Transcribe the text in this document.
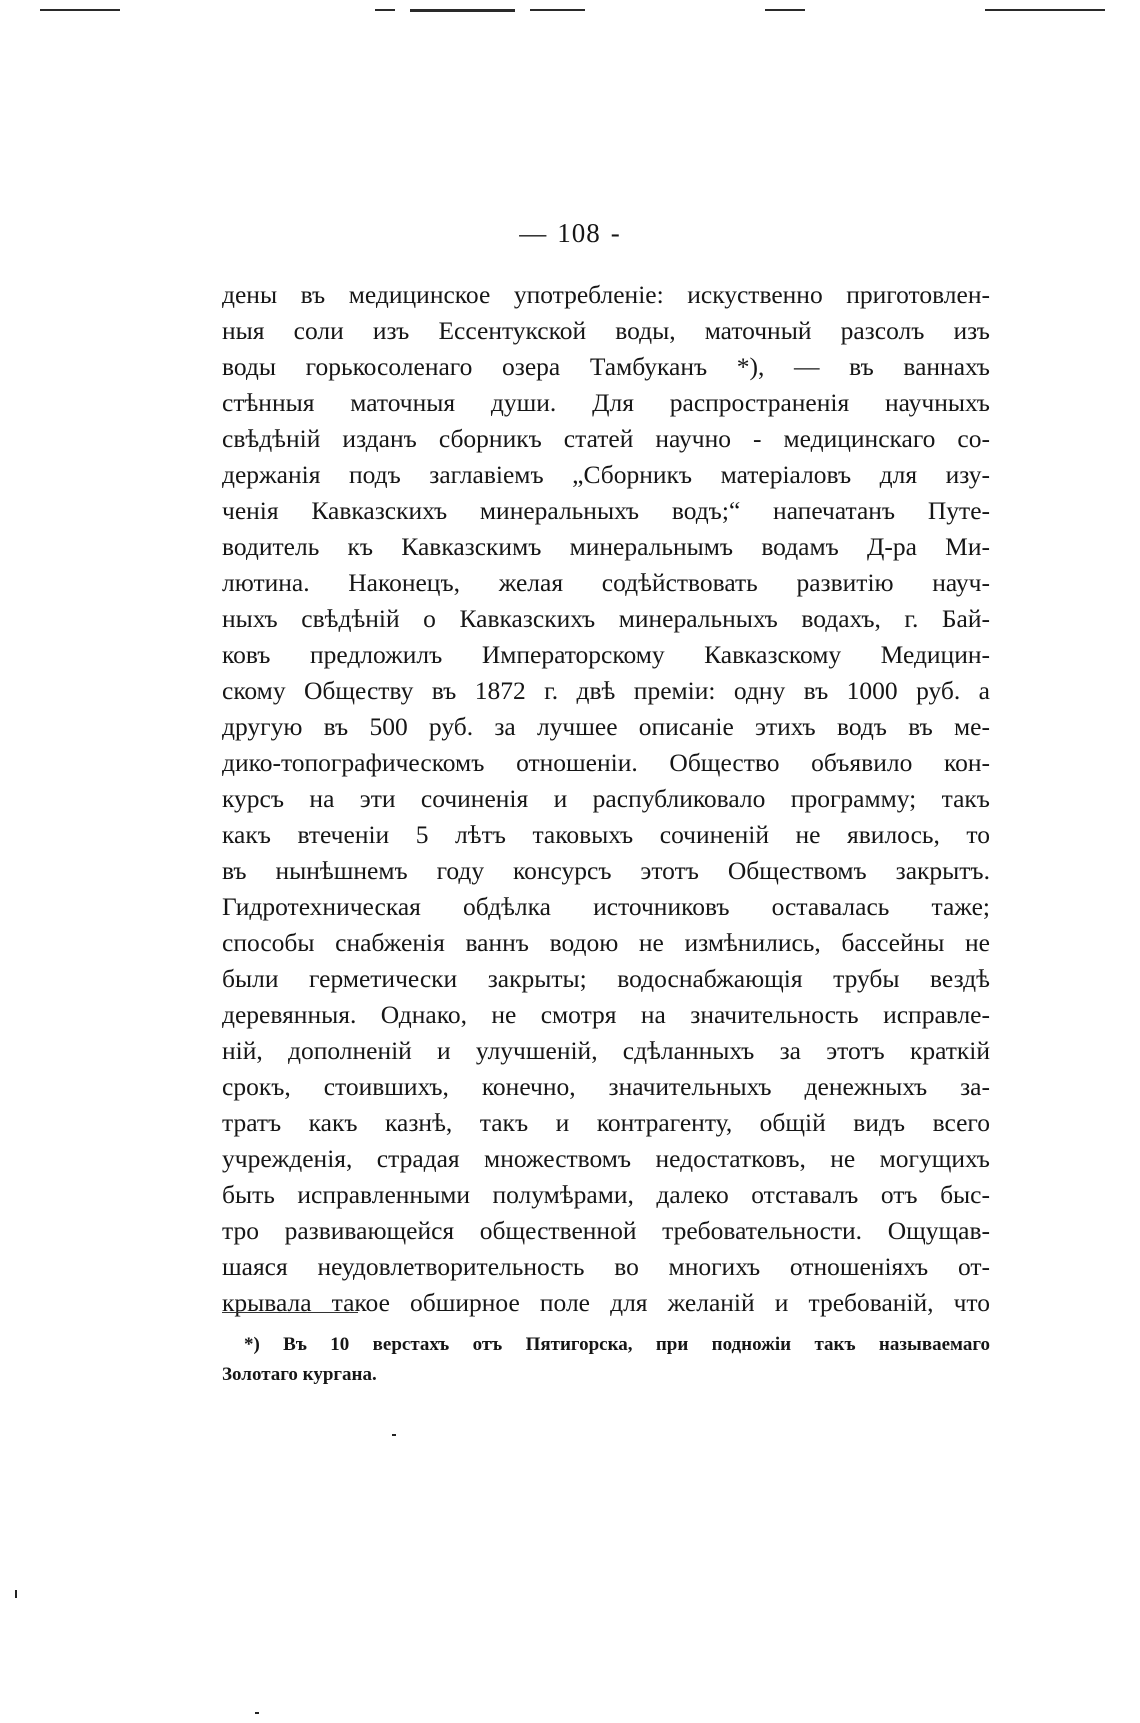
— 108 -
дены въ медицинское употребленіе: искуственно приготовлен-
ныя соли изъ Ессентукской воды, маточный разсолъ изъ
воды горькосоленаго озера Тамбуканъ *), — въ ваннахъ
стѣнныя маточныя души. Для распространенія научныхъ
свѣдѣній изданъ сборникъ статей научно - медицинскаго со-
держанія подъ заглавіемъ „Сборникъ матеріаловъ для изу-
ченія Кавказскихъ минеральныхъ водъ;“ напечатанъ Путе-
водитель къ Кавказскимъ минеральнымъ водамъ Д-ра Ми-
лютина. Наконецъ, желая содѣйствовать развитію науч-
ныхъ свѣдѣній о Кавказскихъ минеральныхъ водахъ, г. Бай-
ковъ предложилъ Императорскому Кавказскому Медицин-
скому Обществу въ 1872 г. двѣ преміи: одну въ 1000 руб. а
другую въ 500 руб. за лучшее описаніе этихъ водъ въ ме-
дико-топографическомъ отношеніи. Общество объявило кон-
курсъ на эти сочиненія и распубликовало программу; такъ
какъ втеченіи 5 лѣтъ таковыхъ сочиненій не явилось, то
въ нынѣшнемъ году консурсъ этотъ Обществомъ закрытъ.
Гидротехническая обдѣлка источниковъ оставалась таже;
способы снабженія ваннъ водою не измѣнились, бассейны не
были герметически закрыты; водоснабжающія трубы вездѣ
деревянныя. Однако, не смотря на значительность исправле-
ній, дополненій и улучшеній, сдѣланныхъ за этотъ краткій
срокъ, стоившихъ, конечно, значительныхъ денежныхъ за-
тратъ какъ казнѣ, такъ и контрагенту, общій видъ всего
учрежденія, страдая множествомъ недостатковъ, не могущихъ
быть исправленными полумѣрами, далеко отставалъ отъ быс-
тро развивающейся общественной требовательности. Ощущав-
шаяся неудовлетворительность во многихъ отношеніяхъ от-
крывала такое обширное поле для желаній и требованій, что
*) Въ 10 верстахъ отъ Пятигорска, при подножіи такъ называемаго
Золотаго кургана.
